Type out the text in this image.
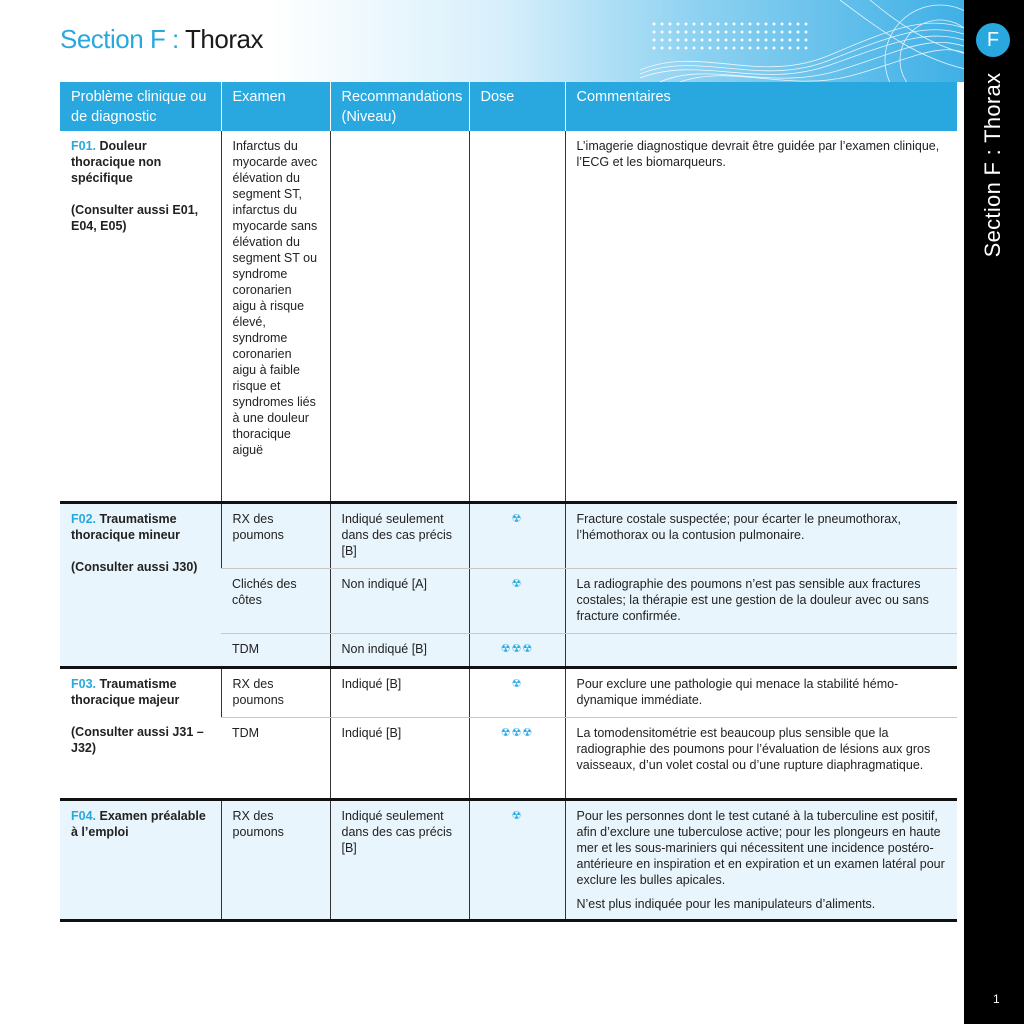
Section F : Thorax	F
Section F : Thorax
1
Problème clinique ou de diagnostic	Examen	Recommandations (Niveau)	Dose	Commentaires
F01. Douleur thoracique non spécifique
(Consulter aussi E01, E04, E05)	Infarctus du myocarde avec élévation du segment ST, infarctus du myocarde sans élévation du segment ST ou syndrome coronarien aigu à risque élevé, syndrome coronarien aigu à faible risque et syndromes liés à une douleur thoracique aiguë			L’imagerie diagnostique devrait être guidée par l’examen clinique, l’ECG et les biomarqueurs.
F02. Traumatisme thoracique mineur
(Consulter aussi J30)	RX des poumons	Indiqué seulement dans des cas précis [B]	☢	Fracture costale suspectée; pour écarter le pneumothorax, l’hémothorax ou la contusion pulmonaire.
	Clichés des côtes	Non indiqué [A]	☢	La radiographie des poumons n’est pas sensible aux fractures costales; la thérapie est une gestion de la douleur avec ou sans fracture confirmée.
	TDM	Non indiqué [B]	☢☢☢	
F03. Traumatisme thoracique majeur
(Consulter aussi J31 – J32)	RX des poumons	Indiqué [B]	☢	Pour exclure une pathologie qui menace la stabilité hémodynamique immédiate.
	TDM	Indiqué [B]	☢☢☢	La tomodensitométrie est beaucoup plus sensible que la radiographie des poumons pour l’évaluation de lésions aux gros vaisseaux, d’un volet costal ou d’une rupture diaphragmatique.
F04. Examen préalable à l’emploi	RX des poumons	Indiqué seulement dans des cas précis [B]	☢	Pour les personnes dont le test cutané à la tuberculine est positif, afin d’exclure une tuberculose active; pour les plongeurs en haute mer et les sous-mariniers qui nécessitent une incidence postéro-antérieure en inspiration et en expiration et un examen latéral pour exclure les bulles apicales.
N’est plus indiquée pour les manipulateurs d’aliments.
